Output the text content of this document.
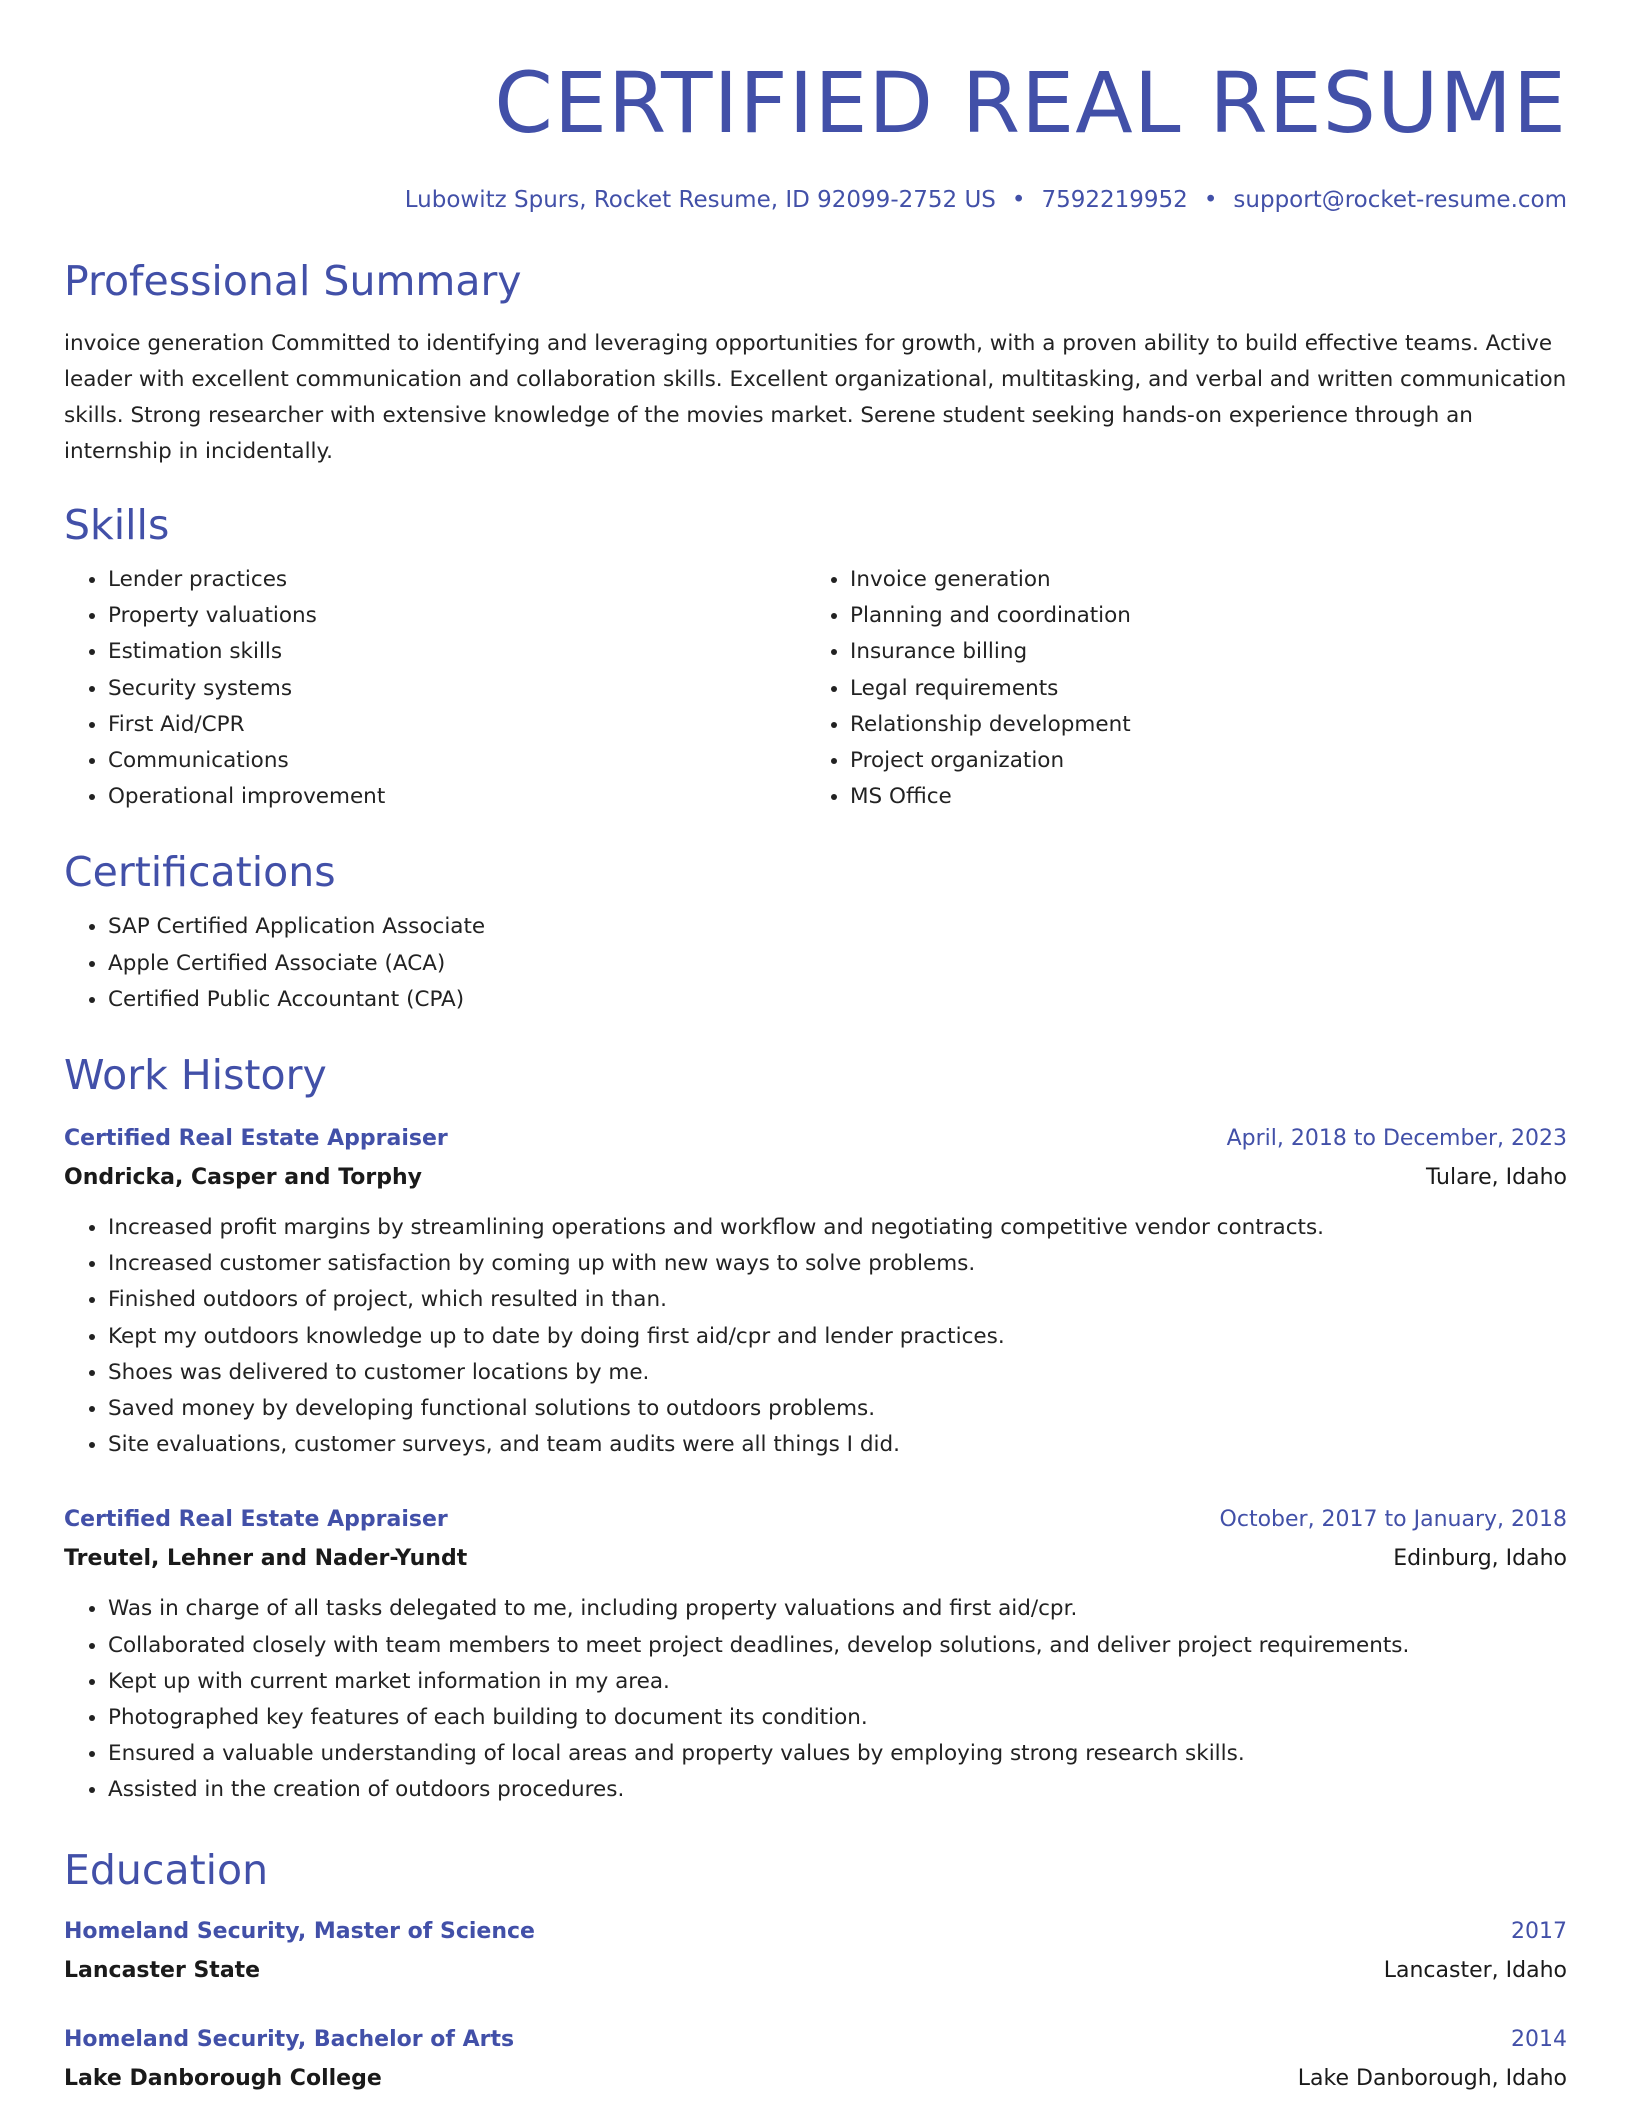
CERTIFIED REAL RESUME
Lubowitz Spurs, Rocket Resume, ID 92099-2752 US • 7592219952 • support@rocket-resume.com
Professional Summary

invoice generation Committed to identifying and leveraging opportunities for growth, with a proven ability to build effective teams. Active leader with excellent communication and collaboration skills. Excellent organizational, multitasking, and verbal and written communication skills. Strong researcher with extensive knowledge of the movies market. Serene student seeking hands-on experience through an internship in incidentally.

Skills
• Lender practices
• Property valuations
• Estimation skills
• Security systems
• First Aid/CPR
• Communications
• Operational improvement
• Invoice generation
• Planning and coordination
• Insurance billing
• Legal requirements
• Relationship development
• Project organization
• MS Office
Certifications
• SAP Certified Application Associate
• Apple Certified Associate (ACA)
• Certified Public Accountant (CPA)
Work History
Certified Real Estate Appraiser	April, 2018 to December, 2023
Ondricka, Casper and Torphy	Tulare, Idaho
• Increased profit margins by streamlining operations and workflow and negotiating competitive vendor contracts.
• Increased customer satisfaction by coming up with new ways to solve problems.
• Finished outdoors of project, which resulted in than.
• Kept my outdoors knowledge up to date by doing first aid/cpr and lender practices.
• Shoes was delivered to customer locations by me.
• Saved money by developing functional solutions to outdoors problems.
• Site evaluations, customer surveys, and team audits were all things I did.
Certified Real Estate Appraiser	October, 2017 to January, 2018
Treutel, Lehner and Nader-Yundt	Edinburg, Idaho
• Was in charge of all tasks delegated to me, including property valuations and first aid/cpr.
• Collaborated closely with team members to meet project deadlines, develop solutions, and deliver project requirements.
• Kept up with current market information in my area.
• Photographed key features of each building to document its condition.
• Ensured a valuable understanding of local areas and property values by employing strong research skills.
• Assisted in the creation of outdoors procedures.
Education
Homeland Security, Master of Science	2017
Lancaster State	Lancaster, Idaho
Homeland Security, Bachelor of Arts	2014
Lake Danborough College	Lake Danborough, Idaho
